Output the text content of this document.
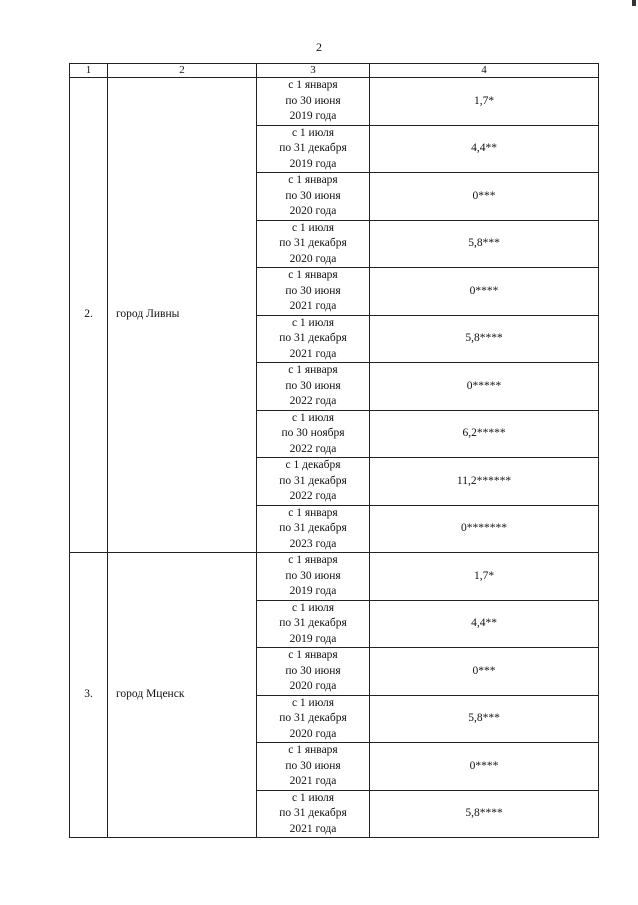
2
1	2	3	4
2.	город Ливны	с 1 января
по 30 июня
2019 года	1,7*

		с 1 июля
по 31 декабря
2019 года	4,4**

		с 1 января
по 30 июня
2020 года	0***

		с 1 июля
по 31 декабря
2020 года	5,8***

		с 1 января
по 30 июня
2021 года	0****

		с 1 июля
по 31 декабря
2021 года	5,8****

		с 1 января
по 30 июня
2022 года	0*****

		с 1 июля
по 30 ноября
2022 года	6,2*****

		с 1 декабря
по 31 декабря
2022 года	11,2******

		с 1 января
по 31 декабря
2023 года	0*******
3.	город Мценск	с 1 января
по 30 июня
2019 года	1,7*

		с 1 июля
по 31 декабря
2019 года	4,4**

		с 1 января
по 30 июня
2020 года	0***

		с 1 июля
по 31 декабря
2020 года	5,8***

		с 1 января
по 30 июня
2021 года	0****

		с 1 июля
по 31 декабря
2021 года	5,8****
